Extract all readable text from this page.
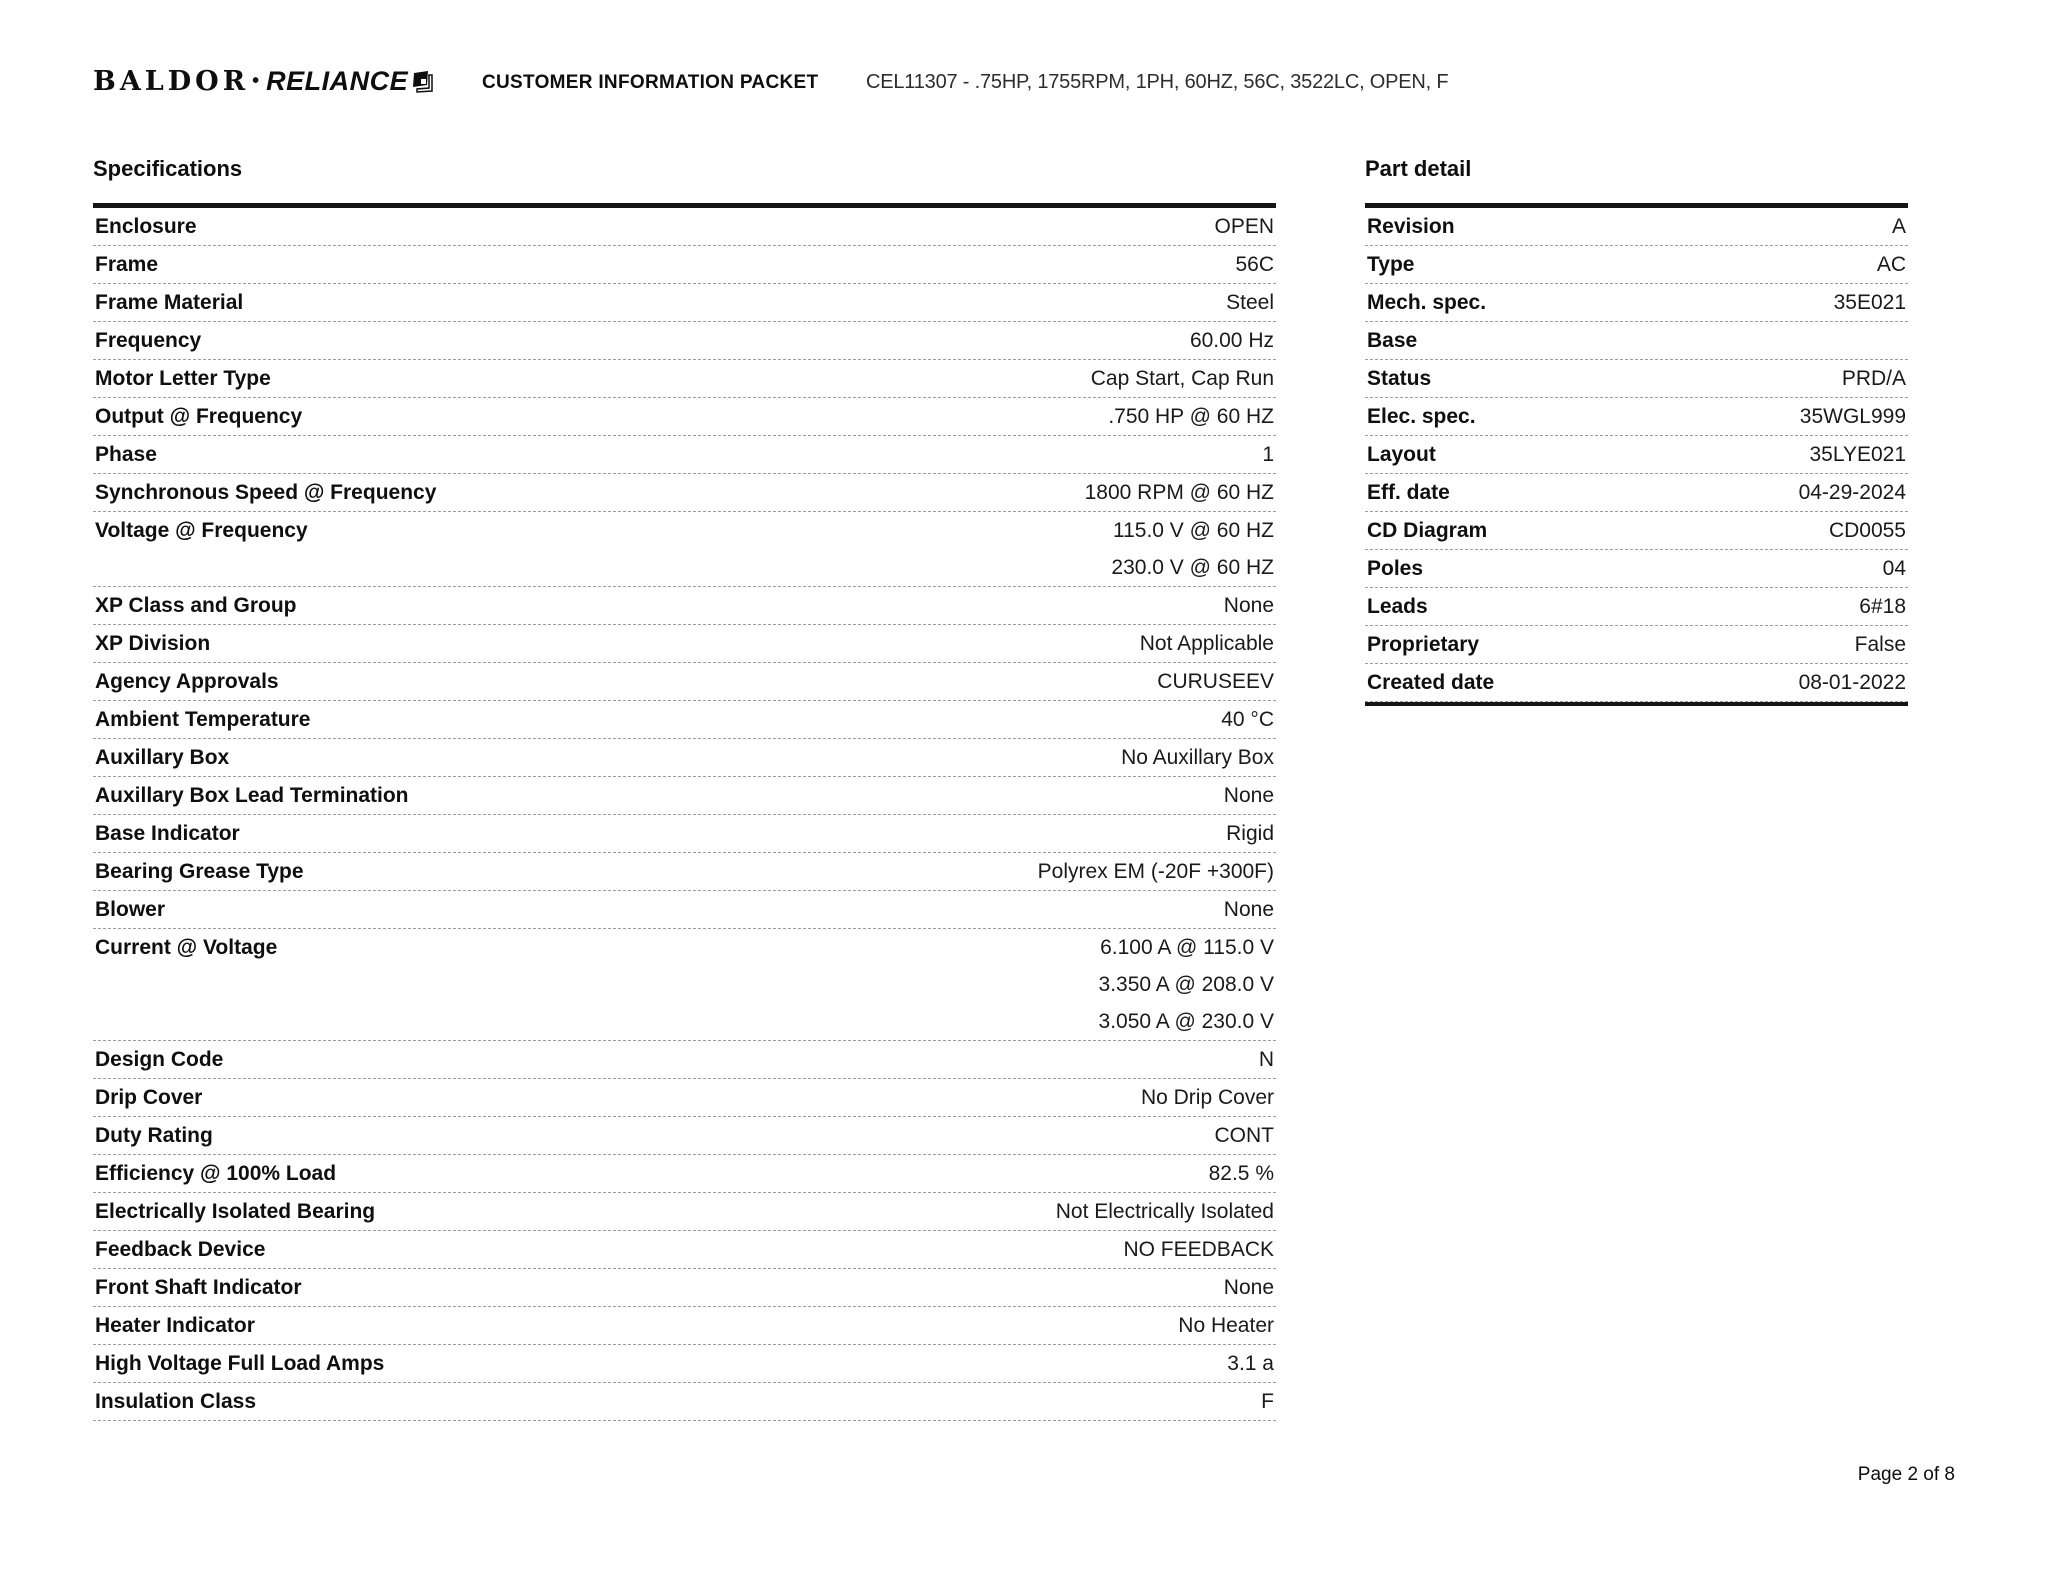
BALDOR • RELIANCE	CUSTOMER INFORMATION PACKET CEL11307 - .75HP, 1755RPM, 1PH, 60HZ, 56C, 3522LC, OPEN, F
Specifications
Enclosure	OPEN
Frame	56C
Frame Material	Steel
Frequency	60.00 Hz
Motor Letter Type	Cap Start, Cap Run
Output @ Frequency	.750 HP @ 60 HZ
Phase	1
Synchronous Speed @ Frequency	1800 RPM @ 60 HZ
Voltage @ Frequency	115.0 V @ 60 HZ
230.0 V @ 60 HZ
XP Class and Group	None
XP Division	Not Applicable
Agency Approvals	CURUSEEV
Ambient Temperature	40 °C
Auxillary Box	No Auxillary Box
Auxillary Box Lead Termination	None
Base Indicator	Rigid
Bearing Grease Type	Polyrex EM (-20F +300F)
Blower	None
Current @ Voltage	6.100 A @ 115.0 V
3.350 A @ 208.0 V
3.050 A @ 230.0 V
Design Code	N
Drip Cover	No Drip Cover
Duty Rating	CONT
Efficiency @ 100% Load	82.5 %
Electrically Isolated Bearing	Not Electrically Isolated
Feedback Device	NO FEEDBACK
Front Shaft Indicator	None
Heater Indicator	No Heater
High Voltage Full Load Amps	3.1 a
Insulation Class	F
Part detail
Revision	A
Type	AC
Mech. spec.	35E021
Base
Status	PRD/A
Elec. spec.	35WGL999
Layout	35LYE021
Eff. date	04-29-2024
CD Diagram	CD0055
Poles	04
Leads	6#18
Proprietary	False
Created date	08-01-2022
Page 2 of 8
